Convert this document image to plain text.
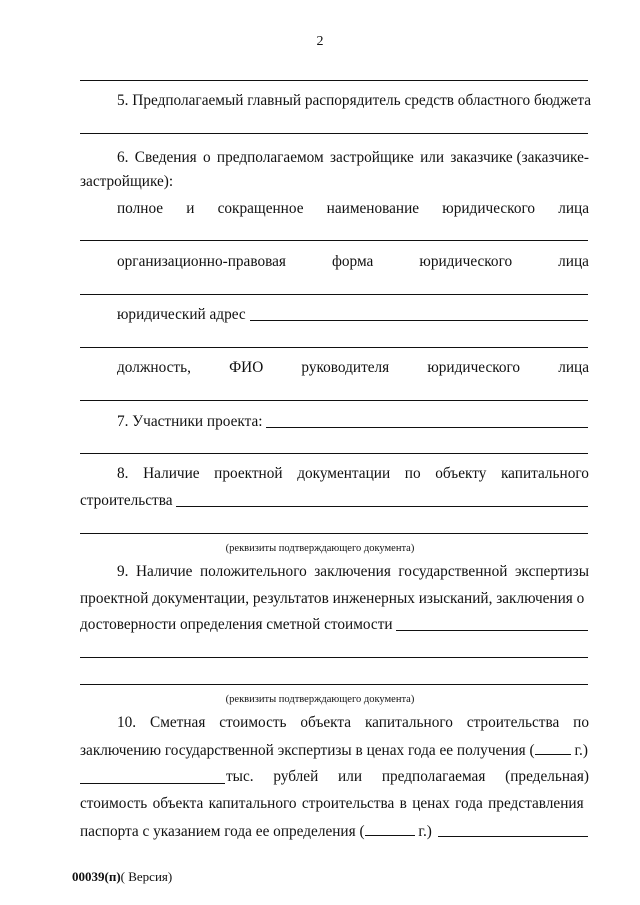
2
5. Предполагаемый главный распорядитель средств областного бюджета
6. Сведения о предполагаемом застройщике или заказчике (заказчике-
застройщике):
полное и сокращенное наименование юридического лица
организационно-правовая	форма	юридического	лица
юридический адрес
должность, ФИО руководителя юридического лица
7. Участники проекта:
8. Наличие проектной документации по объекту капитального
строительства
(реквизиты подтверждающего документа)
9. Наличие положительного заключения государственной экспертизы
проектной документации, результатов инженерных изысканий, заключения о
достоверности определения сметной стоимости
(реквизиты подтверждающего документа)
10. Сметная стоимость объекта капитального строительства по
заключению государственной экспертизы в ценах года ее получения ( г.)
тыс. рублей или предполагаемая (предельная)
стоимость объекта капитального строительства в ценах года представления
паспорта с указанием года ее определения (	г.)
00039(п)( Версия)
